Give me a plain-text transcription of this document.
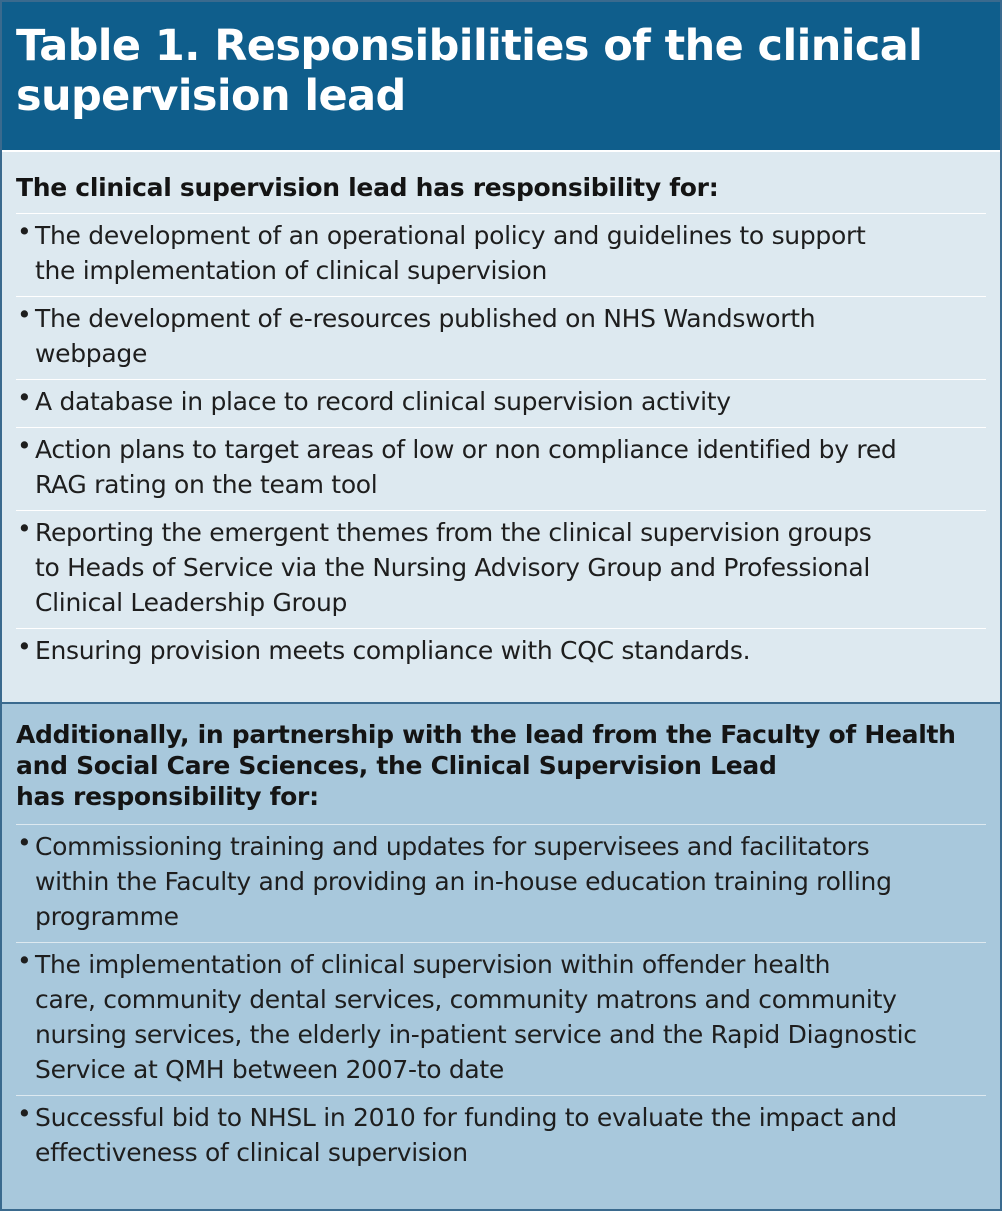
Table 1. Responsibilities of the clinical
supervision lead
The clinical supervision lead has responsibility for:
• The development of an operational policy and guidelines to support
the implementation of clinical supervision
• The development of e-resources published on NHS Wandsworth
webpage
• A database in place to record clinical supervision activity
• Action plans to target areas of low or non compliance identified by red
RAG rating on the team tool
• Reporting the emergent themes from the clinical supervision groups
to Heads of Service via the Nursing Advisory Group and Professional
Clinical Leadership Group
• Ensuring provision meets compliance with CQC standards.
Additionally, in partnership with the lead from the Faculty of Health
and Social Care Sciences, the Clinical Supervision Lead
has responsibility for:
• Commissioning training and updates for supervisees and facilitators
within the Faculty and providing an in-house education training rolling
programme
• The implementation of clinical supervision within offender health
care, community dental services, community matrons and community
nursing services, the elderly in-patient service and the Rapid Diagnostic
Service at QMH between 2007-to date
• Successful bid to NHSL in 2010 for funding to evaluate the impact and
effectiveness of clinical supervision
